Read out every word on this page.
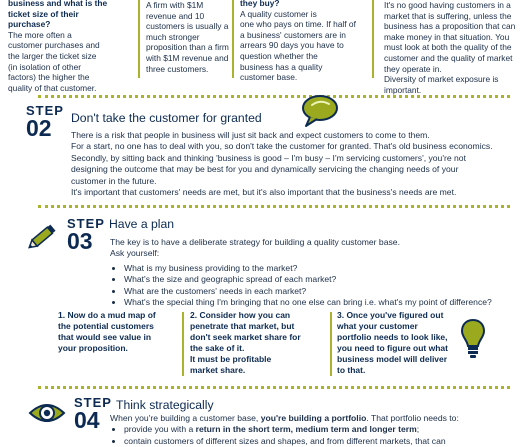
business and what is the
ticket size of their
purchase?
The more often a
customer purchases and
the larger the ticket size
(in isolation of other
factors) the higher the
quality of that customer.
A firm with $1M
revenue and 10
customers is usually a
much stronger
proposition than a firm
with $1M revenue and
three customers.
they buy?
A quality customer is
one who pays on time. If half of
a business' customers are in
arrears 90 days you have to
question whether the
business has a quality
customer base.
It's no good having customers in a
market that is suffering, unless the
business has a proposition that can
make money in that situation. You
must look at both the quality of the
customer and the quality of market
they operate in.
Diversity of market exposure is
important.
STEP
02	Don't take the customer for granted

There is a risk that people in business will just sit back and expect customers to come to them.

For a start, no one has to deal with you, so don't take the customer for granted. That's old business economics.

Secondly, by sitting back and thinking 'business is good – I'm busy – I'm servicing customers', you're not

designing the outcome that may be best for you and dynamically servicing the changing needs of your

customer in the future.

It's important that customers' needs are met, but it's also important that the business's needs are met.

STEP
03
Have a plan

The key is to have a deliberate strategy for building a quality customer base.

Ask yourself:

• What is my business providing to the market?
• What's the size and geographic spread of each market?
• What are the customers' needs in each market?
• What's the special thing I'm bringing that no one else can bring i.e. what's my point of difference?
1. Now do a mud map of
the potential customers
that would see value in
your proposition.
2. Consider how you can
penetrate that market, but
don't seek market share for
the sake of it.
It must be profitable
market share.
3. Once you've figured out
what your customer
portfolio needs to look like,
you need to figure out what
business model will deliver
to that.
STEP
04
Think strategically

When you're building a customer base, you're building a portfolio. That portfolio needs to:

• provide you with a return in the short term, medium term and longer term;
• contain customers of different sizes and shapes, and from different markets, that can
